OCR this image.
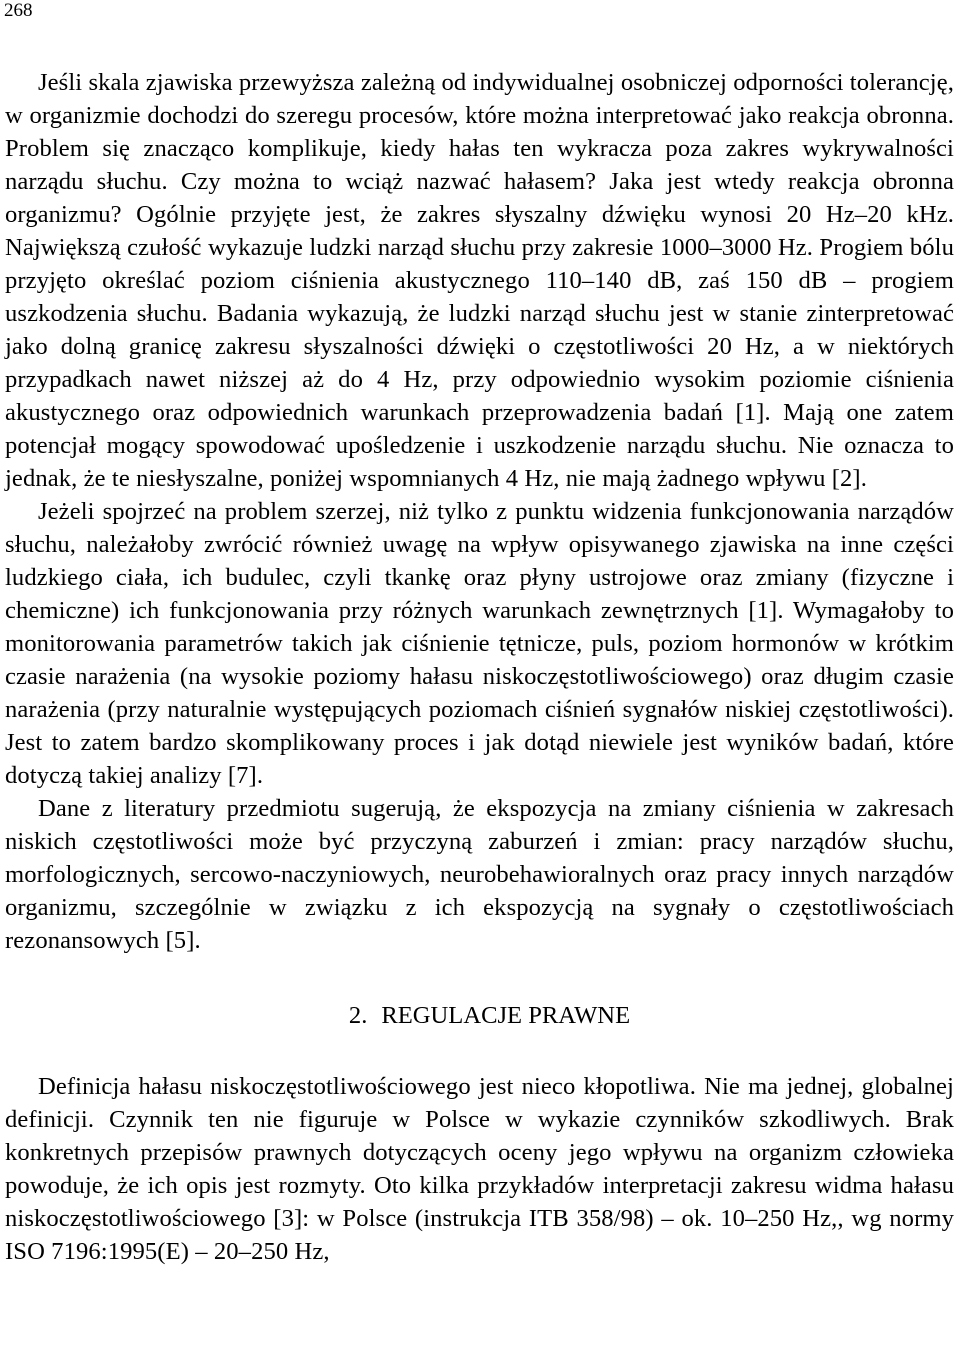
268

Jeśli skala zjawiska przewyższa zależną od indywidualnej osobniczej odporności tolerancję, w organizmie dochodzi do szeregu procesów, które można interpretować jako reakcja obronna. Problem się znacząco komplikuje, kiedy hałas ten wykracza poza zakres wykrywalności narządu słuchu. Czy można to wciąż nazwać hałasem? Jaka jest wtedy reakcja obronna organizmu? Ogólnie przyjęte jest, że zakres słyszalny dźwięku wynosi 20 Hz–20 kHz. Największą czułość wykazuje ludzki narząd słuchu przy zakresie 1000–3000 Hz. Progiem bólu przyjęto określać poziom ciśnienia akustycznego 110–140 dB, zaś 150 dB – progiem uszkodzenia słuchu. Badania wykazują, że ludzki narząd słuchu jest w stanie zinterpretować jako dolną granicę zakresu słyszalności dźwięki o częstotliwości 20 Hz, a w niektórych przypadkach nawet niższej aż do 4 Hz, przy odpowiednio wysokim poziomie ciśnienia akustycznego oraz odpowiednich warunkach przeprowadzenia badań [1]. Mają one zatem potencjał mogący spowodować upośledzenie i uszkodzenie narządu słuchu. Nie oznacza to jednak, że te niesłyszalne, poniżej wspomnianych 4 Hz, nie mają żadnego wpływu [2].

Jeżeli spojrzeć na problem szerzej, niż tylko z punktu widzenia funkcjonowania narządów słuchu, należałoby zwrócić również uwagę na wpływ opisywanego zjawiska na inne części ludzkiego ciała, ich budulec, czyli tkankę oraz płyny ustrojowe oraz zmiany (fizyczne i chemiczne) ich funkcjonowania przy różnych warunkach zewnętrznych [1]. Wymagałoby to monitorowania parametrów takich jak ciśnienie tętnicze, puls, poziom hormonów w krótkim czasie narażenia (na wysokie poziomy hałasu niskoczęstotliwościowego) oraz długim czasie narażenia (przy naturalnie występujących poziomach ciśnień sygnałów niskiej częstotliwości). Jest to zatem bardzo skomplikowany proces i jak dotąd niewiele jest wyników badań, które dotyczą takiej analizy [7].

Dane z literatury przedmiotu sugerują, że ekspozycja na zmiany ciśnienia w zakresach niskich częstotliwości może być przyczyną zaburzeń i zmian: pracy narządów słuchu, morfologicznych, sercowo-naczyniowych, neurobehawioralnych oraz pracy innych narządów organizmu, szczególnie w związku z ich ekspozycją na sygnały o częstotliwościach rezonansowych [5].

2. REGULACJE PRAWNE

Definicja hałasu niskoczęstotliwościowego jest nieco kłopotliwa. Nie ma jednej, globalnej definicji. Czynnik ten nie figuruje w Polsce w wykazie czynników szkodliwych. Brak konkretnych przepisów prawnych dotyczących oceny jego wpływu na organizm człowieka powoduje, że ich opis jest rozmyty. Oto kilka przykładów interpretacji zakresu widma hałasu niskoczęstotliwościowego [3]: w Polsce (instrukcja ITB 358/98) – ok. 10–250 Hz,, wg normy ISO 7196:1995(E) – 20–250 Hz,
